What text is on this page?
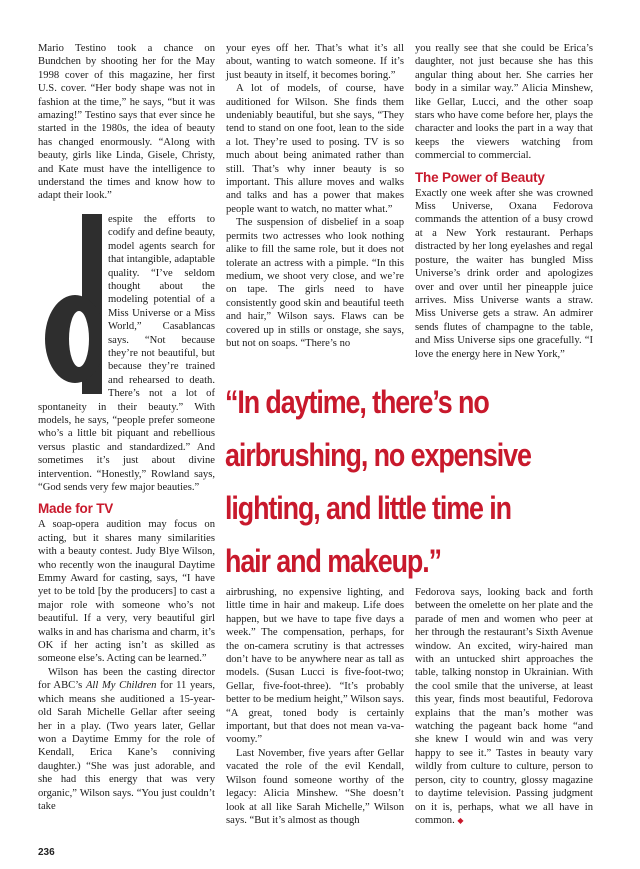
Mario Testino took a chance on Bundchen by shooting her for the May 1998 cover of this magazine, her first U.S. cover. “Her body shape was not in fashion at the time,” he says, “but it was amazing!” Testino says that ever since he started in the 1980s, the idea of beauty has changed enormously. “Along with beauty, girls like Linda, Gisele, Christy, and Kate must have the intelligence to understand the times and know how to adapt their look.”

espite the efforts to codify and define beauty, model agents search for that intangible, adaptable quality. “I’ve seldom thought about the modeling potential of a Miss Universe or a Miss World,” Casablancas says. “Not because they’re not beautiful, but because they’re trained and rehearsed to death. There’s not a lot of spontaneity in their beauty.” With models, he says, “people prefer someone who’s a little bit piquant and rebellious versus plastic and standardized.” And sometimes it’s just about divine intervention. “Honestly,” Rowland says, “God sends very few major beauties.”

Made for TV

A soap-opera audition may focus on acting, but it shares many similarities with a beauty contest. Judy Blye Wilson, who recently won the inaugural Daytime Emmy Award for casting, says, “I have yet to be told [by the producers] to cast a major role with someone who’s not beautiful. If a very, very beautiful girl walks in and has charisma and charm, it’s OK if her acting isn’t as skilled as someone else’s. Acting can be learned.”

Wilson has been the casting director for ABC’s All My Children for 11 years, which means she auditioned a 15-year-old Sarah Michelle Gellar after seeing her in a play. (Two years later, Gellar won a Daytime Emmy for the role of Kendall, Erica Kane’s conniving daughter.) “She was just adorable, and she had this energy that was very organic,” Wilson says. “You just couldn’t take

your eyes off her. That’s what it’s all about, wanting to watch someone. If it’s just beauty in itself, it becomes boring.”

A lot of models, of course, have auditioned for Wilson. She finds them undeniably beautiful, but she says, “They tend to stand on one foot, lean to the side a lot. They’re used to posing. TV is so much about being animated rather than still. That’s why inner beauty is so important. This allure moves and walks and talks and has a power that makes people want to watch, no matter what.”

The suspension of disbelief in a soap permits two actresses who look nothing alike to fill the same role, but it does not tolerate an actress with a pimple. “In this medium, we shoot very close, and we’re on tape. The girls need to have consistently good skin and beautiful teeth and hair,” Wilson says. Flaws can be covered up in stills or onstage, she says, but not on soaps. “There’s no

you really see that she could be Erica’s daughter, not just because she has this angular thing about her. She carries her body in a similar way.” Alicia Minshew, like Gellar, Lucci, and the other soap stars who have come before her, plays the character and looks the part in a way that keeps the viewers watching from commercial to commercial.

The Power of Beauty

Exactly one week after she was crowned Miss Universe, Oxana Fedorova commands the attention of a busy crowd at a New York restaurant. Perhaps distracted by her long eyelashes and regal posture, the waiter has bungled Miss Universe’s drink order and apologizes over and over until her pineapple juice arrives. Miss Universe wants a straw. Miss Universe gets a straw. An admirer sends flutes of champagne to the table, and Miss Universe sips one gracefully. “I love the energy here in New York,”

“In daytime, there’s no
airbrushing, no expensive
lighting, and little time in
hair and makeup.”

airbrushing, no expensive lighting, and little time in hair and makeup. Life does happen, but we have to tape five days a week.” The compensation, perhaps, for the on-camera scrutiny is that actresses don’t have to be anywhere near as tall as models. (Susan Lucci is five-foot-two; Gellar, five-foot-three). “It’s probably better to be medium height,” Wilson says. “A great, toned body is certainly important, but that does not mean va-va-voomy.”

Last November, five years after Gellar vacated the role of the evil Kendall, Wilson found someone worthy of the legacy: Alicia Minshew. “She doesn’t look at all like Sarah Michelle,” Wilson says. “But it’s almost as though

Fedorova says, looking back and forth between the omelette on her plate and the parade of men and women who peer at her through the restaurant’s Sixth Avenue window. An excited, wiry-haired man with an untucked shirt approaches the table, talking nonstop in Ukrainian. With the cool smile that the universe, at least this year, finds most beautiful, Fedorova explains that the man’s mother was watching the pageant back home “and she knew I would win and was very happy to see it.” Tastes in beauty vary wildly from culture to culture, person to person, city to country, glossy magazine to daytime television. Passing judgment on it is, perhaps, what we all have in common. ◆

236
